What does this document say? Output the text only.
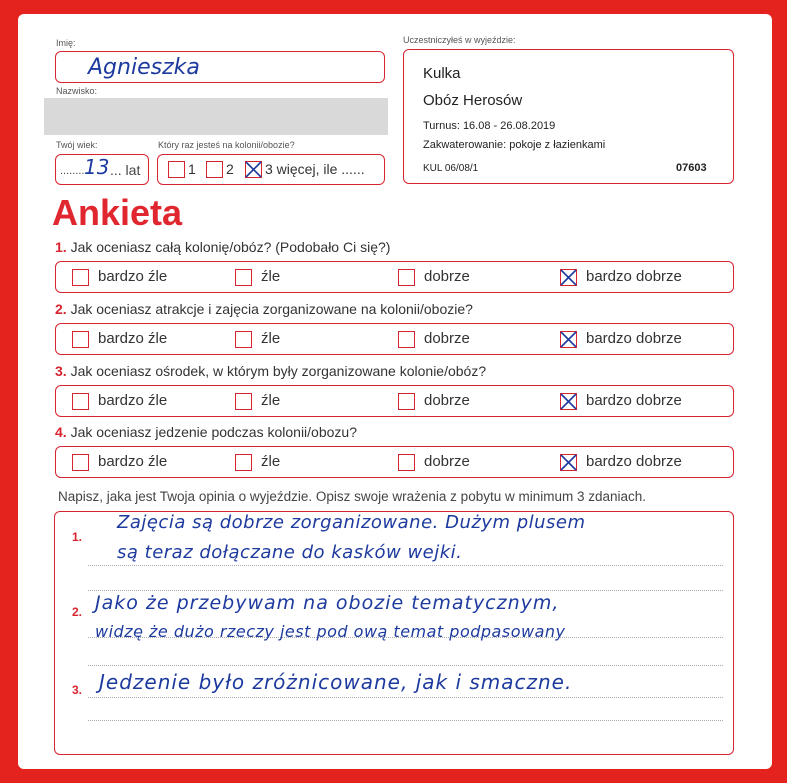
Imię:
Agnieszka
Nazwisko:
Twój wiek:
........ 13 ... lat
Który raz jesteś na kolonii/obozie?
1 2 3 więcej, ile ......
Uczestniczyłeś w wyjeździe:
Kulka
Obóz Herosów
Turnus: 16.08 - 26.08.2019
Zakwaterowanie: pokoje z łazienkami
KUL 06/08/1	07603
Ankieta
1. Jak oceniasz całą kolonię/obóz? (Podobało Ci się?)
bardzo źle	źle	dobrze	bardzo dobrze
2. Jak oceniasz atrakcje i zajęcia zorganizowane na kolonii/obozie?
bardzo źle	źle	dobrze	bardzo dobrze
3. Jak oceniasz ośrodek, w którym były zorganizowane kolonie/obóz?
bardzo źle	źle	dobrze	bardzo dobrze
4. Jak oceniasz jedzenie podczas kolonii/obozu?
bardzo źle	źle	dobrze	bardzo dobrze
Napisz, jaka jest Twoja opinia o wyjeździe. Opisz swoje wrażenia z pobytu w minimum 3 zdaniach.
1.
Zajęcia są dobrze zorganizowane. Dużym plusem
są teraz dołączane do kasków wejki.
2. Jako że przebywam na obozie tematycznym,
widzę że dużo rzeczy jest pod ową temat podpasowany
3. Jedzenie było zróżnicowane, jak i smaczne.
